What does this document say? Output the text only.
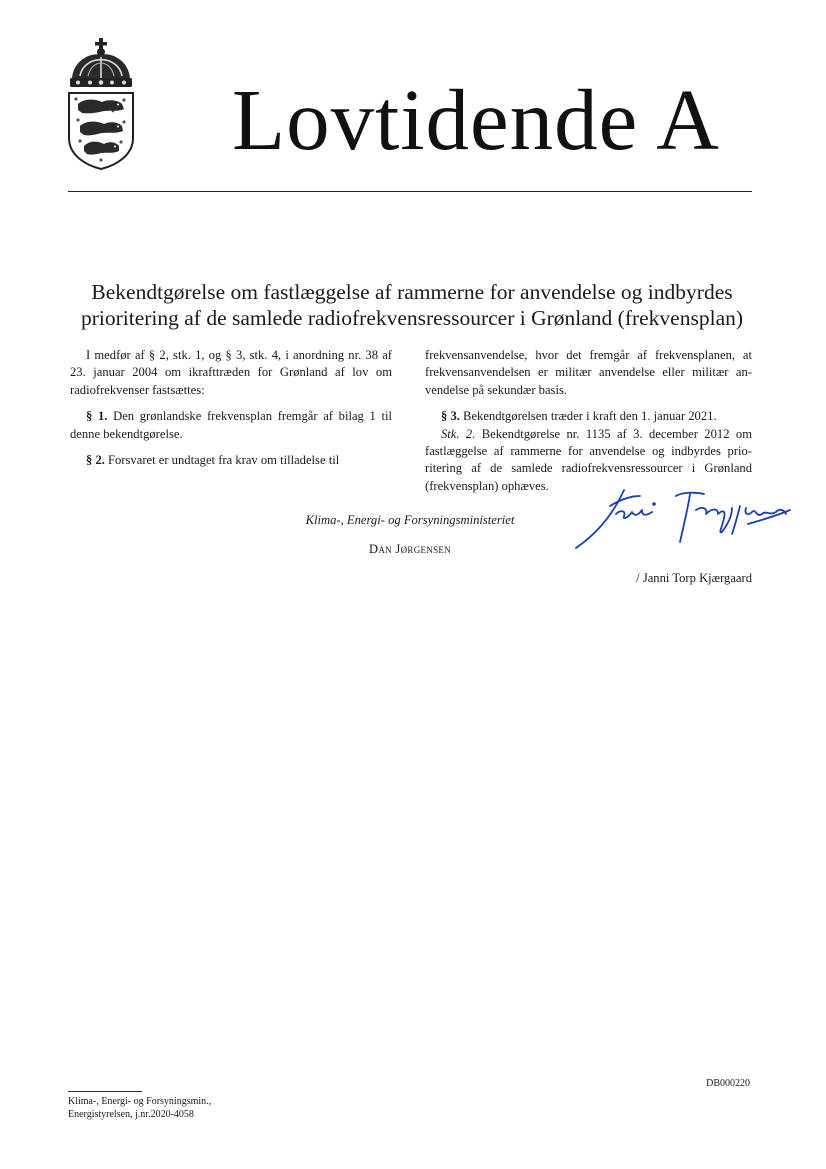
Lovtidende A
Bekendtgørelse om fastlæggelse af rammerne for anvendelse og indbyrdes
prioritering af de samlede radiofrekvensressourcer i Grønland (frekvensplan)

I medfør af § 2, stk. 1, og § 3, stk. 4, i anordning nr. 38 af 23. januar 2004 om ikrafttræden for Grønland af lov om radiofrekvenser fastsættes:

§ 1. Den grønlandske frekvensplan fremgår af bilag 1 til denne bekendtgørelse.

§ 2. Forsvaret er undtaget fra krav om tilladelse til

frekvensanvendelse, hvor det fremgår af frekvensplanen, at frekvensanvendelsen er militær anvendelse eller militær anvendelse på sekundær basis.

§ 3. Bekendtgørelsen træder i kraft den 1. januar 2021.

Stk. 2. Bekendtgørelse nr. 1135 af 3. december 2012 om fastlæggelse af rammerne for anvendelse og indbyrdes prioritering af de samlede radiofrekvensressourcer i Grønland (frekvensplan) ophæves.

Klima-, Energi- og Forsyningsministeriet
Dan Jørgensen
/ Janni Torp Kjærgaard
DB000220
Klima-, Energi- og Forsyningsmin.,
Energistyrelsen, j.nr.2020-4058
